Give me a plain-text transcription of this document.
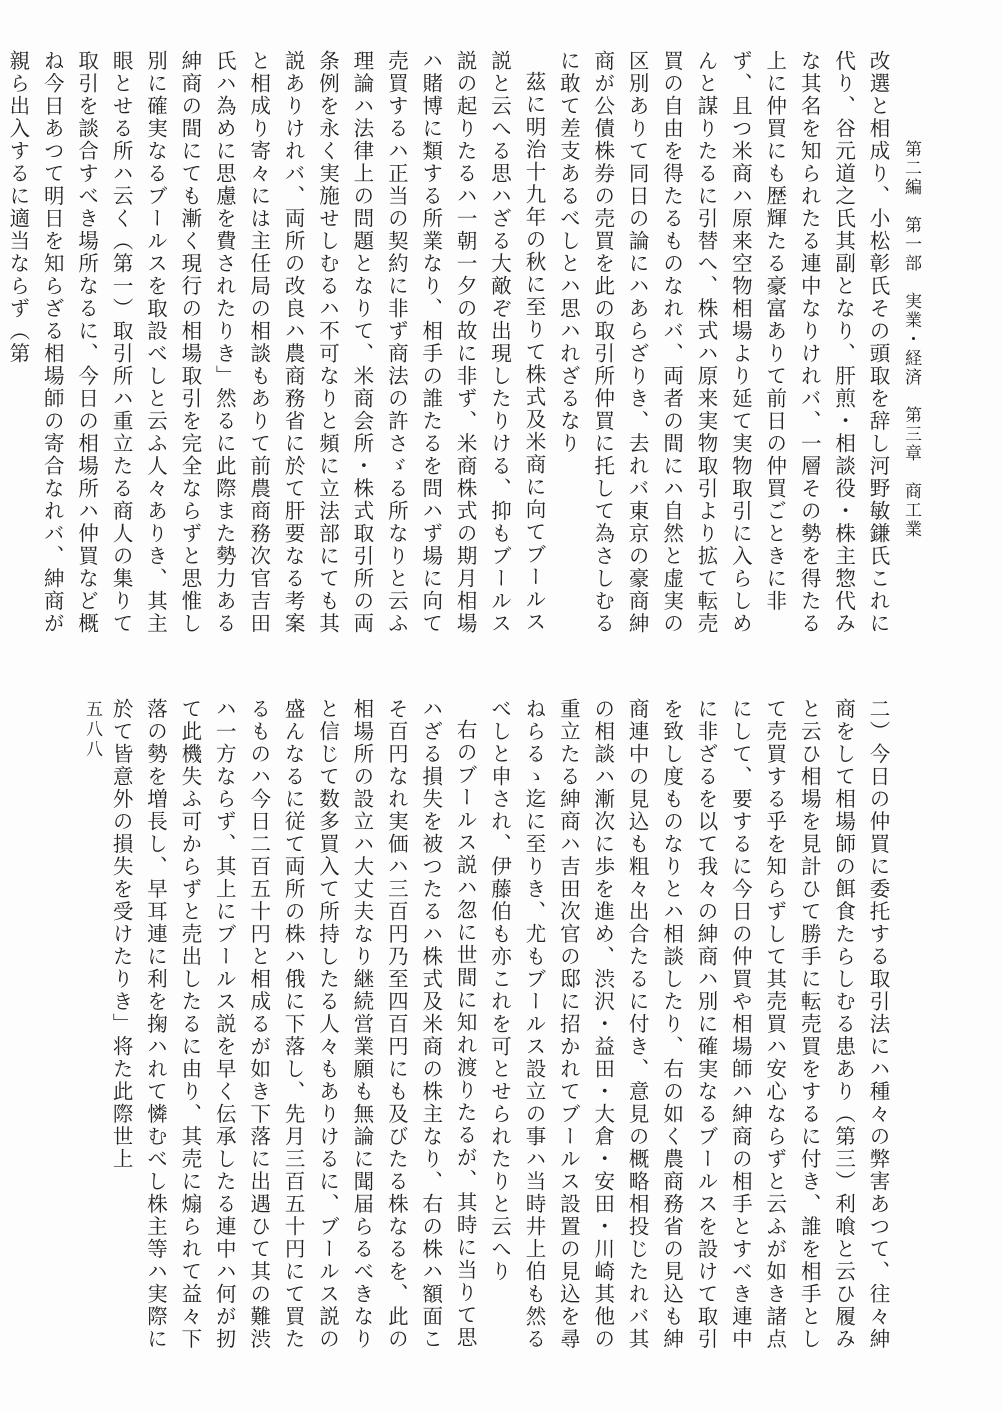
第二編　第一部　実業・経済　第三章　商工業
五八八

改選と相成り、小松彰氏その頭取を辞し河野敏鎌氏これに代り、谷元道之氏其副となり、肝煎・相談役・株主惣代みな其名を知られたる連中なりけれバ、一層その勢を得たる上に仲買にも歴輝たる豪富ありて前日の仲買ごときに非ず、且つ米商ハ原来空物相場より延て実物取引に入らしめんと謀りたるに引替へ、株式ハ原来実物取引より拡て転売買の自由を得たるものなれバ、両者の間にハ自然と虚実の区別ありて同日の論にハあらざりき、去れバ東京の豪商紳商が公債株券の売買を此の取引所仲買に托して為さしむるに敢て差支あるべしとハ思ハれざるなり

茲に明治十九年の秋に至りて株式及米商に向てブールス説と云へる思ハざる大敵ぞ出現したりける、抑もブールス説の起りたるハ一朝一夕の故に非ず、米商株式の期月相場ハ賭博に類する所業なり、相手の誰たるを問ハず場に向て売買するハ正当の契約に非ず商法の許さゞる所なりと云ふ理論ハ法律上の問題となりて、米商会所・株式取引所の両条例を永く実施せしむるハ不可なりと頻に立法部にても其説ありけれバ、両所の改良ハ農商務省に於て肝要なる考案と相成り寄々には主任局の相談もありて前農商務次官吉田氏ハ為めに思慮を費されたりき」然るに此際また勢力ある紳商の間にても漸く現行の相場取引を完全ならずと思惟し別に確実なるブールスを取設べしと云ふ人々ありき、其主眼とせる所ハ云く（第一）取引所ハ重立たる商人の集りて取引を談合すべき場所なるに、今日の相場所ハ仲買など概ね今日あつて明日を知らざる相場師の寄合なれバ、紳商が親ら出入するに適当ならず（第

二）今日の仲買に委托する取引法にハ種々の弊害あつて、往々紳商をして相場師の餌食たらしむる患あり（第三）利喰と云ひ履みと云ひ相場を見計ひて勝手に転売買をするに付き、誰を相手として売買する乎を知らずして其売買ハ安心ならずと云ふが如き諸点にして、要するに今日の仲買や相場師ハ紳商の相手とすべき連中に非ざるを以て我々の紳商ハ別に確実なるブールスを設けて取引を致し度ものなりとハ相談したり、右の如く農商務省の見込も紳商連中の見込も粗々出合たるに付き、意見の概略相投じたれバ其の相談ハ漸次に歩を進め、渋沢・益田・大倉・安田・川崎其他の重立たる紳商ハ吉田次官の邸に招かれてブールス設置の見込を尋ねらるゝ迄に至りき、尤もブールス設立の事ハ当時井上伯も然るべしと申され、伊藤伯も亦これを可とせられたりと云へり

右のブールス説ハ忽に世間に知れ渡りたるが、其時に当りて思ハざる損失を被つたるハ株式及米商の株主なり、右の株ハ額面こそ百円なれ実価ハ三百円乃至四百円にも及びたる株なるを、此の相場所の設立ハ大丈夫なり継続営業願も無論に聞届らるべきなりと信じて数多買入て所持したる人々もありけるに、ブールス説の盛んなるに従て両所の株ハ俄に下落し、先月三百五十円にて買たるものハ今日二百五十円と相成るが如き下落に出遇ひて其の難渋ハ一方ならず、其上にブールス説を早く伝承したる連中ハ何が扨て此機失ふ可からずと売出したるに由り、其売に煽られて益々下落の勢を増長し、早耳連に利を掬ハれて憐むべし株主等ハ実際に於て皆意外の損失を受けたりき」将た此際世上
